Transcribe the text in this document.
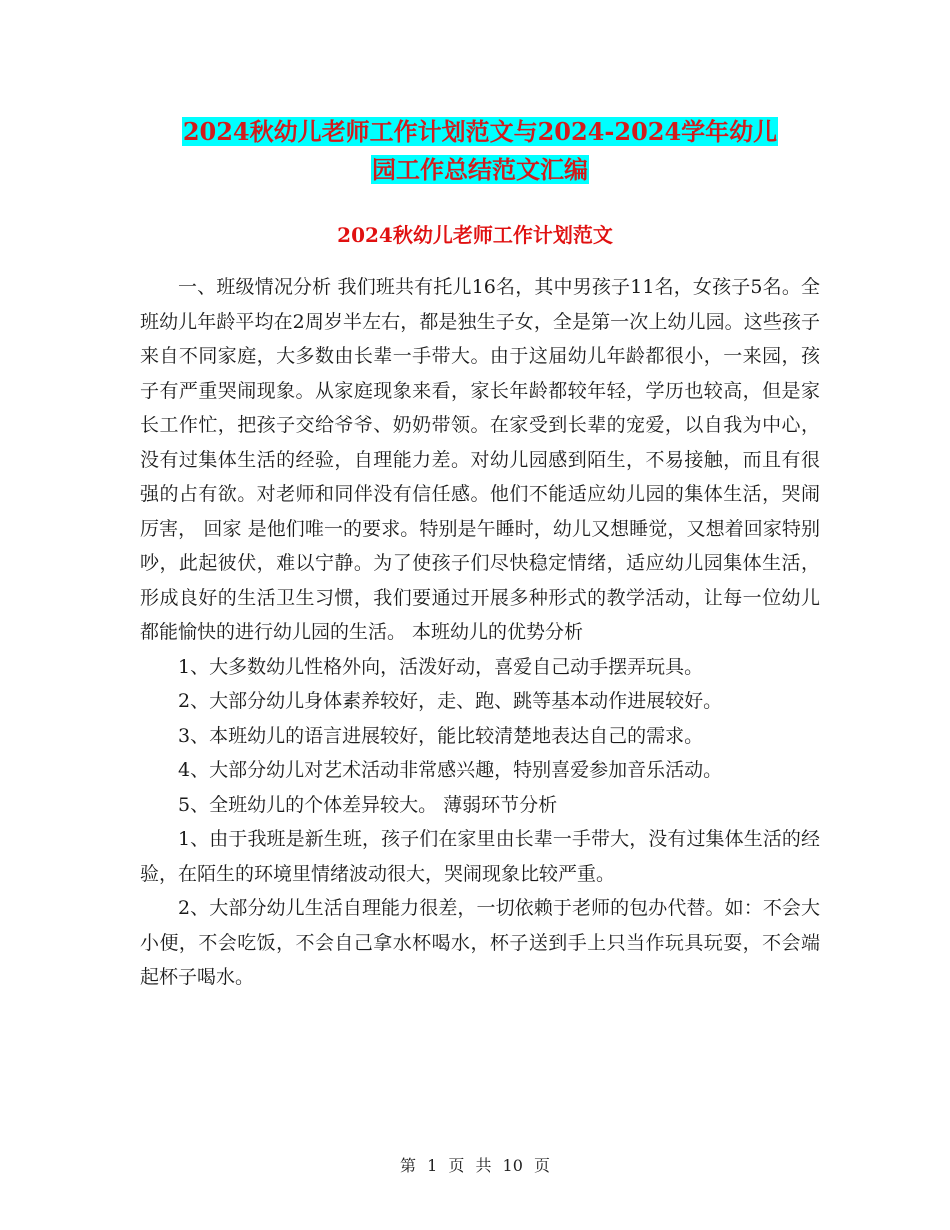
2024秋幼儿老师工作计划范文与2024-2024学年幼儿
园工作总结范文汇编
2024秋幼儿老师工作计划范文

一、班级情况分析 我们班共有托儿16名，其中男孩子11名，女孩子5名。全班幼儿年龄平均在2周岁半左右，都是独生子女，全是第一次上幼儿园。这些孩子来自不同家庭，大多数由长辈一手带大。由于这届幼儿年龄都很小，一来园，孩子有严重哭闹现象。从家庭现象来看，家长年龄都较年轻，学历也较高，但是家长工作忙，把孩子交给爷爷、奶奶带领。在家受到长辈的宠爱，以自我为中心，没有过集体生活的经验，自理能力差。对幼儿园感到陌生，不易接触，而且有很强的占有欲。对老师和同伴没有信任感。他们不能适应幼儿园的集体生活，哭闹厉害， 回家 是他们唯一的要求。特别是午睡时，幼儿又想睡觉，又想着回家特别吵，此起彼伏，难以宁静。为了使孩子们尽快稳定情绪，适应幼儿园集体生活，形成良好的生活卫生习惯，我们要通过开展多种形式的教学活动，让每一位幼儿都能愉快的进行幼儿园的生活。 本班幼儿的优势分析

1、大多数幼儿性格外向，活泼好动，喜爱自己动手摆弄玩具。

2、大部分幼儿身体素养较好，走、跑、跳等基本动作进展较好。

3、本班幼儿的语言进展较好，能比较清楚地表达自己的需求。

4、大部分幼儿对艺术活动非常感兴趣，特别喜爱参加音乐活动。

5、全班幼儿的个体差异较大。 薄弱环节分析

1、由于我班是新生班，孩子们在家里由长辈一手带大，没有过集体生活的经验，在陌生的环境里情绪波动很大，哭闹现象比较严重。

2、大部分幼儿生活自理能力很差，一切依赖于老师的包办代替。如：不会大小便，不会吃饭，不会自己拿水杯喝水，杯子送到手上只当作玩具玩耍，不会端起杯子喝水。

第 1 页 共 10 页
